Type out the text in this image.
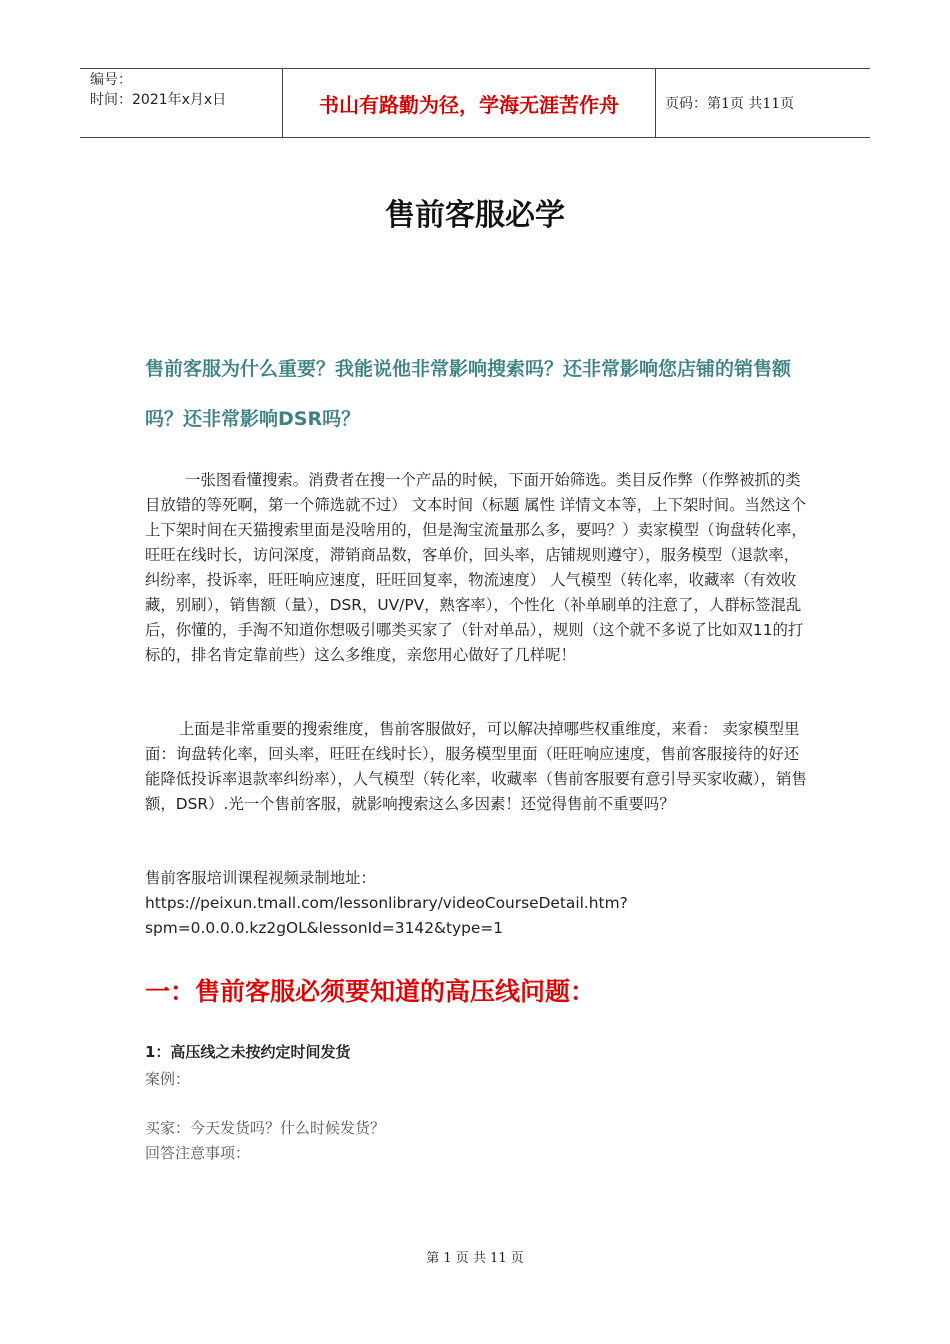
编号：
时间：2021年x月x日	书山有路勤为径，学海无涯苦作舟	页码：第1页 共11页
售前客服必学
售前客服为什么重要？我能说他非常影响搜索吗？还非常影响您店铺的销售额吗？还非常影响DSR吗？
一张图看懂搜索。消费者在搜一个产品的时候，下面开始筛选。类目反作弊（作弊被抓的类目放错的等死啊，第一个筛选就不过） 文本时间（标题 属性 详情文本等，上下架时间。当然这个上下架时间在天猫搜索里面是没啥用的，但是淘宝流量那么多，要吗？）卖家模型（询盘转化率，旺旺在线时长，访问深度，滞销商品数，客单价，回头率，店铺规则遵守），服务模型（退款率，纠纷率，投诉率，旺旺响应速度，旺旺回复率，物流速度） 人气模型（转化率，收藏率（有效收藏，别刷），销售额（量），DSR，UV/PV，熟客率），个性化（补单刷单的注意了，人群标签混乱后，你懂的，手淘不知道你想吸引哪类买家了（针对单品），规则（这个就不多说了比如双11的打标的，排名肯定靠前些）这么多维度，亲您用心做好了几样呢！
上面是非常重要的搜索维度，售前客服做好，可以解决掉哪些权重维度，来看： 卖家模型里面：询盘转化率，回头率，旺旺在线时长），服务模型里面（旺旺响应速度，售前客服接待的好还能降低投诉率退款率纠纷率），人气模型（转化率，收藏率（售前客服要有意引导买家收藏），销售额，DSR）.光一个售前客服，就影响搜索这么多因素！还觉得售前不重要吗？
售前客服培训课程视频录制地址：https://peixun.tmall.com/lessonlibrary/videoCourseDetail.htm?spm=0.0.0.0.kz2gOL&lessonId=3142&type=1
一：售前客服必须要知道的高压线问题：
1：高压线之未按约定时间发货
案例：
买家：今天发货吗？什么时候发货？
回答注意事项：
第 1 页 共 11 页
